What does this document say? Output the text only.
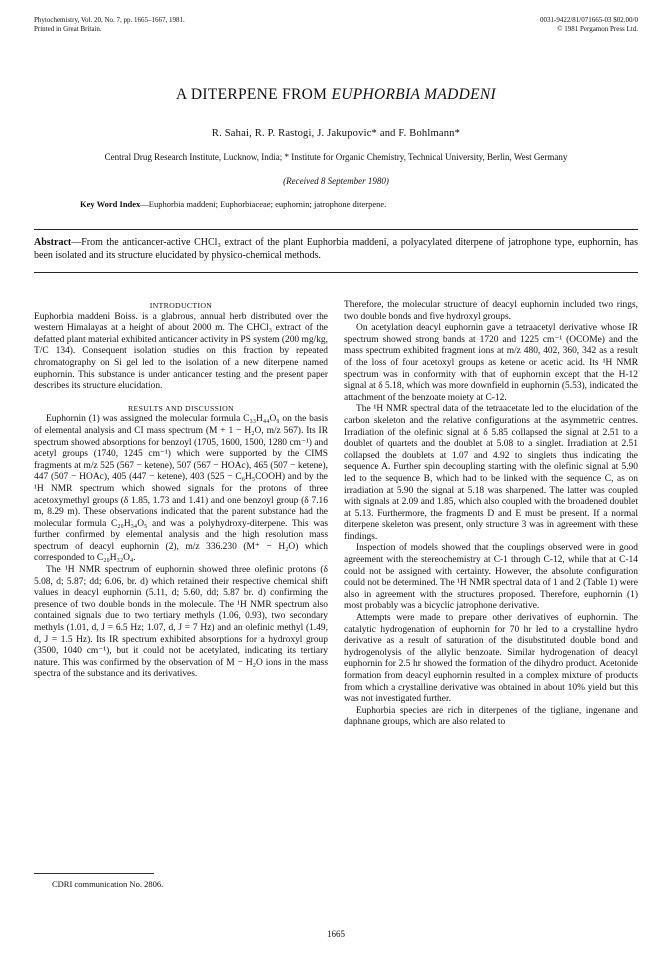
Phytochemistry, Vol. 20, No. 7, pp. 1665–1667, 1981.
Printed in Great Britain.
0031-9422/81/071665-03 $02.00/0
© 1981 Pergamon Press Ltd.
A DITERPENE FROM EUPHORBIA MADDENI
R. Sahai, R. P. Rastogi, J. Jakupovic* and F. Bohlmann*
Central Drug Research Institute, Lucknow, India; * Institute for Organic Chemistry, Technical University, Berlin, West Germany
(Received 8 September 1980)
Key Word Index—Euphorbia maddeni; Euphorbiaceae; euphornin; jatrophone diterpene.
Abstract—From the anticancer-active CHCl₃ extract of the plant Euphorbia maddeni, a polyacylated diterpene of jatrophone type, euphornin, has been isolated and its structure elucidated by physico-chemical methods.

INTRODUCTION

Euphorbia maddeni Boiss. is a glabrous, annual herb distributed over the western Himalayas at a height of about 2000 m. The CHCl₃ extract of the defatted plant material exhibited anticancer activity in PS system (200 mg/kg, T/C 134). Consequent isolation studies on this fraction by repeated chromatography on Si gel led to the isolation of a new diterpene named euphornin. This substance is under anticancer testing and the present paper describes its structure elucidation.

RESULTS AND DISCUSSION

Euphornin (1) was assigned the molecular formula C₃₃H₄₄O₉ on the basis of elemental analysis and CI mass spectrum (M + 1 − H₂O, m/z 567). Its IR spectrum showed absorptions for benzoyl (1705, 1600, 1500, 1280 cm⁻¹) and acetyl groups (1740, 1245 cm⁻¹) which were supported by the CIMS fragments at m/z 525 (567 − ketene), 507 (567 − HOAc), 465 (507 − ketene), 447 (507 − HOAc), 405 (447 − ketene), 403 (525 − C₆H₅COOH) and by the ¹H NMR spectrum which showed signals for the protons of three acetoxymethyl groups (δ 1.85, 1.73 and 1.41) and one benzoyl group (δ 7.16 m, 8.29 m). These observations indicated that the parent substance had the molecular formula C₂₀H₃₄O₅ and was a polyhydroxy-diterpene. This was further confirmed by elemental analysis and the high resolution mass spectrum of deacyl euphornin (2), m/z 336.230 (M⁺ − H₂O) which corresponded to C₂₀H₃₂O₄.

The ¹H NMR spectrum of euphornin showed three olefinic protons (δ 5.08, d; 5.87; dd; 6.06, br. d) which retained their respective chemical shift values in deacyl euphornin (5.11, d; 5.60, dd; 5.87 br. d) confirming the presence of two double bonds in the molecule. The ¹H NMR spectrum also contained signals due to two tertiary methyls (1.06, 0.93), two secondary methyls (1.01, d, J = 6.5 Hz; 1.07, d, J = 7 Hz) and an olefinic methyl (1.49, d, J = 1.5 Hz). Its IR spectrum exhibited absorptions for a hydroxyl group (3500, 1040 cm⁻¹), but it could not be acetylated, indicating its tertiary nature. This was confirmed by the observation of M − H₂O ions in the mass spectra of the substance and its derivatives.

Therefore, the molecular structure of deacyl euphornin included two rings, two double bonds and five hydroxyl groups.

On acetylation deacyl euphornin gave a tetraacetyl derivative whose IR spectrum showed strong bands at 1720 and 1225 cm⁻¹ (OCOMe) and the mass spectrum exhibited fragment ions at m/z 480, 402, 360, 342 as a result of the loss of four acetoxyl groups as ketene or acetic acid. Its ¹H NMR spectrum was in conformity with that of euphornin except that the H-12 signal at δ 5.18, which was more downfield in euphornin (5.53), indicated the attachment of the benzoate moiety at C-12.

The ¹H NMR spectral data of the tetraacetate led to the elucidation of the carbon skeleton and the relative configurations at the asymmetric centres. Irradiation of the olefinic signal at δ 5.85 collapsed the signal at 2.51 to a doublet of quartets and the doublet at 5.08 to a singlet. Irradiation at 2.51 collapsed the doublets at 1.07 and 4.92 to singlets thus indicating the sequence A. Further spin decoupling starting with the olefinic signal at 5.90 led to the sequence B, which had to be linked with the sequence C, as on irradiation at 5.90 the signal at 5.18 was sharpened. The latter was coupled with signals at 2.09 and 1.85, which also coupled with the broadened doublet at 5.13. Furthermore, the fragments D and E must be present. If a normal diterpene skeleton was present, only structure 3 was in agreement with these findings.

Inspection of models showed that the couplings observed were in good agreement with the stereochemistry at C-1 through C-12, while that at C-14 could not be assigned with certainty. However, the absolute configuration could not be determined. The ¹H NMR spectral data of 1 and 2 (Table 1) were also in agreement with the structures proposed. Therefore, euphornin (1) most probably was a bicyclic jatrophone derivative.

Attempts were made to prepare other derivatives of euphornin. The catalytic hydrogenation of euphornin for 70 hr led to a crystalline hydro derivative as a result of saturation of the disubstituted double bond and hydrogenolysis of the allylic benzoate. Similar hydrogenation of deacyl euphornin for 2.5 hr showed the formation of the dihydro product. Acetonide formation from deacyl euphornin resulted in a complex mixture of products from which a crystalline derivative was obtained in about 10% yield but this was not investigated further.

Euphorbia species are rich in diterpenes of the tigliane, ingenane and daphnane groups, which are also related to

CDRI communication No. 2806.
1665
